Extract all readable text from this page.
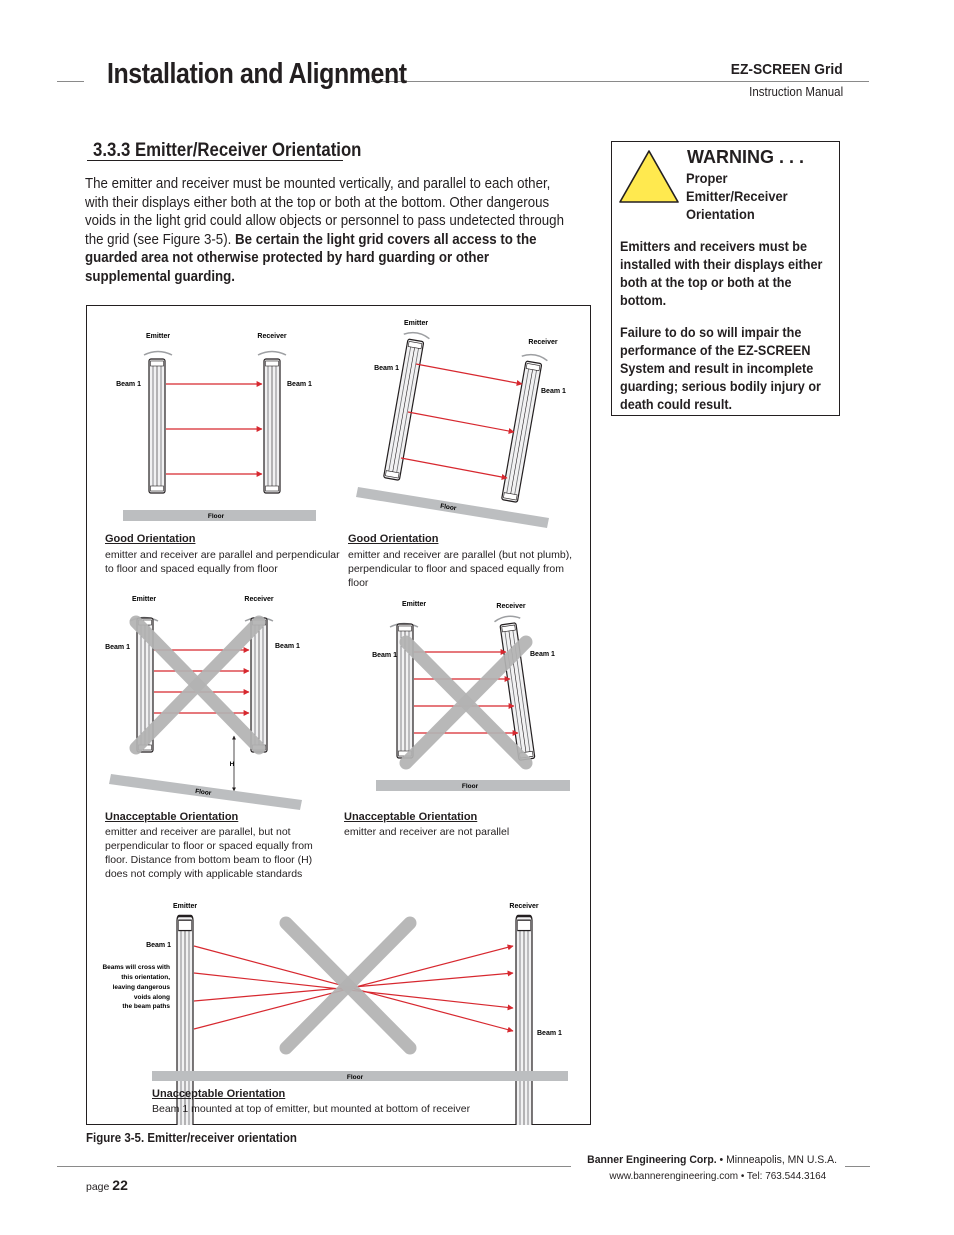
Installation and Alignment	EZ-SCREEN Grid
Instruction Manual
3.3.3 Emitter/Receiver Orientation
The emitter and receiver must be mounted vertically, and parallel to each other, with their displays either both at the top or both at the bottom. Other dangerous voids in the light grid could allow objects or personnel to pass undetected through the grid (see Figure 3-5). Be certain the light grid covers all access to the guarded area not otherwise protected by hard guarding or other supplemental guarding.
WARNING . . .
Proper Emitter/Receiver Orientation
Emitters and receivers must be installed with their displays either both at the top or both at the bottom.
Failure to do so will impair the performance of the EZ-SCREEN System and result in incomplete guarding; serious bodily injury or death could result.
Emitter	Receiver
Beam 1	Beam 1
Floor
Emitter
Receiver
Beam 1
Beam 1
Floor
Emitter	Receiver
Beam 1	Beam 1
H
Floor
Emitter	Receiver
Beam 1	Beam 1
Floor
Emitter	Receiver
Beam 1
Beam 1
Beams will cross with
this orientation,
leaving dangerous
voids along
the beam paths
Floor
Good Orientation
emitter and receiver are parallel and perpendicular to floor and spaced equally from floor
Good Orientation
emitter and receiver are parallel (but not plumb), perpendicular to floor and spaced equally from floor
Unacceptable Orientation
emitter and receiver are parallel, but not perpendicular to floor or spaced equally from floor. Distance from bottom beam to floor (H) does not comply with applicable standards
Unacceptable Orientation
emitter and receiver are not parallel
Unacceptable Orientation
Beam 1 mounted at top of emitter, but mounted at bottom of receiver
Figure 3-5. Emitter/receiver orientation
Banner Engineering Corp. • Minneapolis, MN U.S.A.
www.bannerengineering.com • Tel: 763.544.3164
page 22
